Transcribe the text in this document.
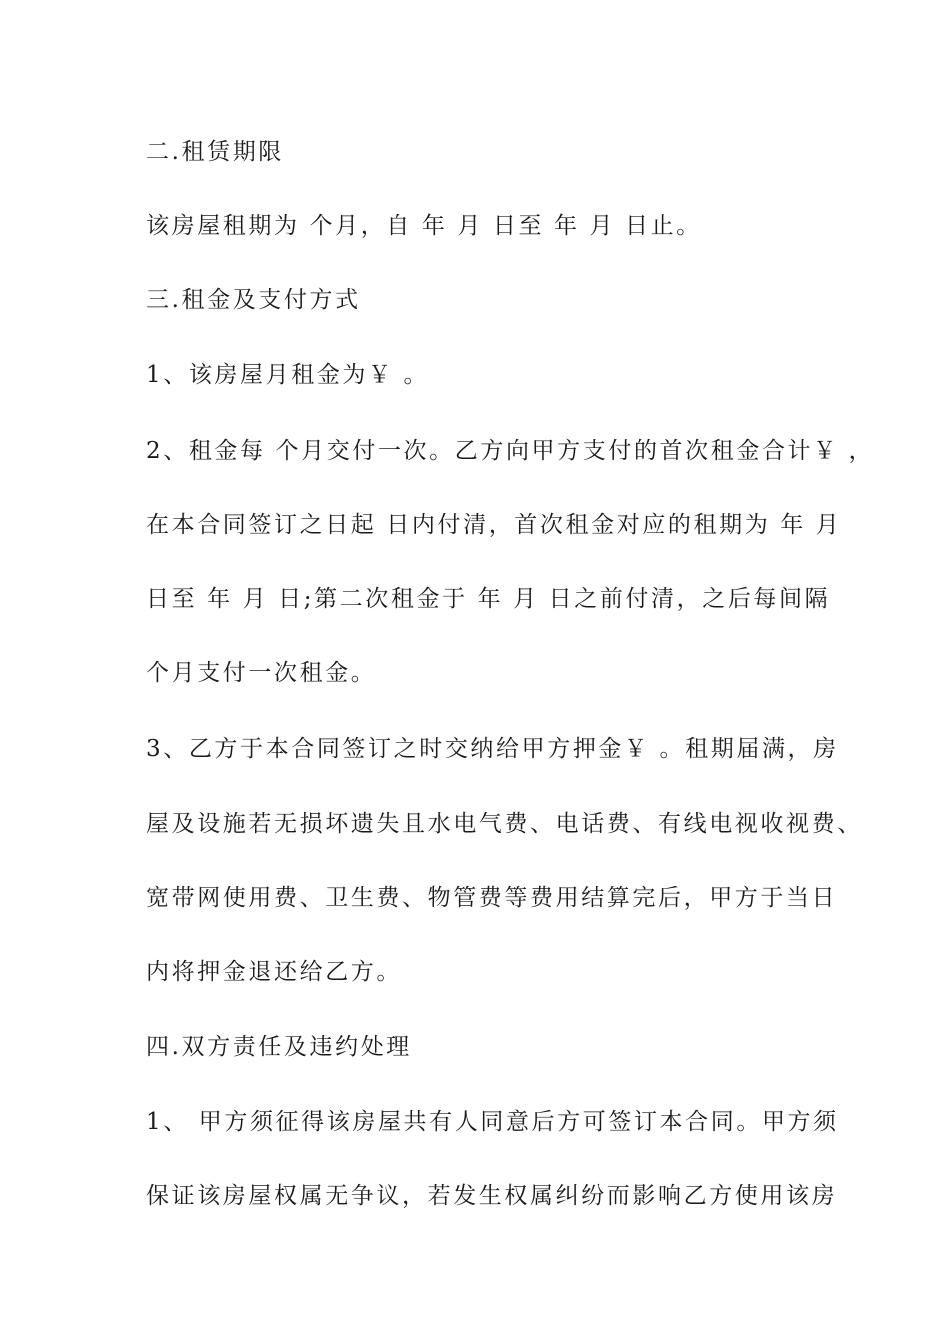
二.租赁期限
该房屋租期为 个月，自 年 月 日至 年 月 日止。
三.租金及支付方式
1、该房屋月租金为￥ 。
2、租金每 个月交付一次。乙方向甲方支付的首次租金合计￥ ，
在本合同签订之日起 日内付清，首次租金对应的租期为 年 月
日至 年 月 日;第二次租金于 年 月 日之前付清，之后每间隔
个月支付一次租金。
3、乙方于本合同签订之时交纳给甲方押金￥ 。租期届满，房
屋及设施若无损坏遗失且水电气费、电话费、有线电视收视费、
宽带网使用费、卫生费、物管费等费用结算完后，甲方于当日
内将押金退还给乙方。
四.双方责任及违约处理
1、 甲方须征得该房屋共有人同意后方可签订本合同。甲方须
保证该房屋权属无争议，若发生权属纠纷而影响乙方使用该房
